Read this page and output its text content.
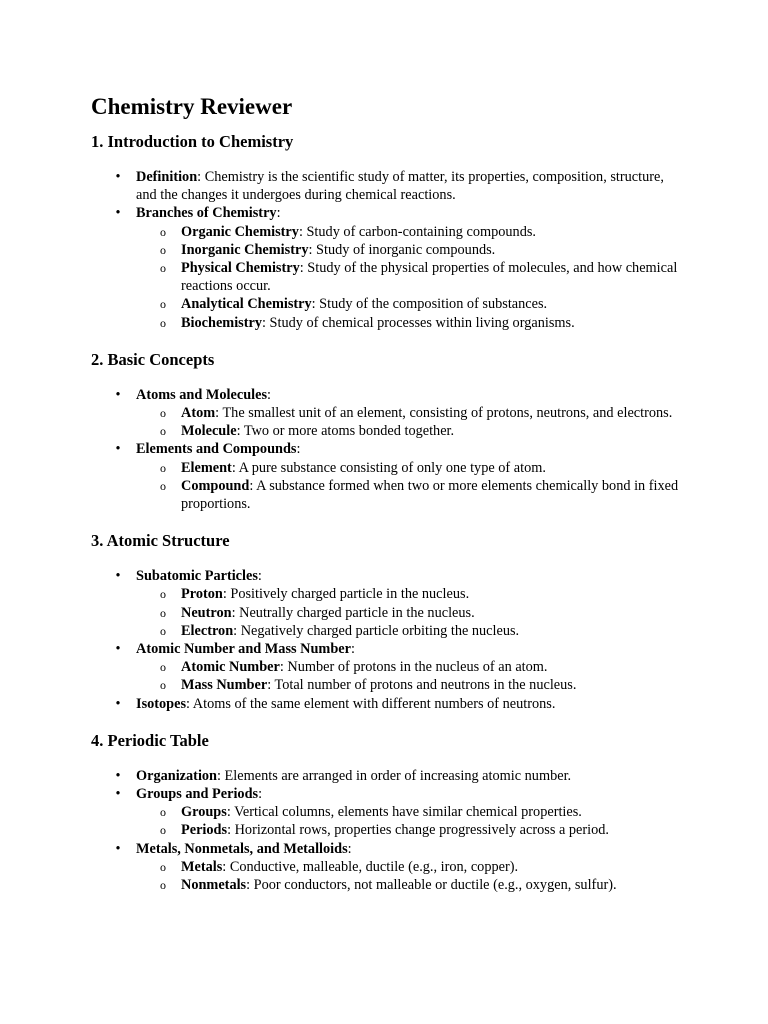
Chemistry Reviewer
1. Introduction to Chemistry
• Definition: Chemistry is the scientific study of matter, its properties, composition, structure, and the changes it undergoes during chemical reactions.
• Branches of Chemistry:
o Organic Chemistry: Study of carbon-containing compounds.
o Inorganic Chemistry: Study of inorganic compounds.
o Physical Chemistry: Study of the physical properties of molecules, and how chemical reactions occur.
o Analytical Chemistry: Study of the composition of substances.
o Biochemistry: Study of chemical processes within living organisms.
2. Basic Concepts
• Atoms and Molecules:
o Atom: The smallest unit of an element, consisting of protons, neutrons, and electrons.
o Molecule: Two or more atoms bonded together.
• Elements and Compounds:
o Element: A pure substance consisting of only one type of atom.
o Compound: A substance formed when two or more elements chemically bond in fixed proportions.
3. Atomic Structure
• Subatomic Particles:
o Proton: Positively charged particle in the nucleus.
o Neutron: Neutrally charged particle in the nucleus.
o Electron: Negatively charged particle orbiting the nucleus.
• Atomic Number and Mass Number:
o Atomic Number: Number of protons in the nucleus of an atom.
o Mass Number: Total number of protons and neutrons in the nucleus.
• Isotopes: Atoms of the same element with different numbers of neutrons.
4. Periodic Table
• Organization: Elements are arranged in order of increasing atomic number.
• Groups and Periods:
o Groups: Vertical columns, elements have similar chemical properties.
o Periods: Horizontal rows, properties change progressively across a period.
• Metals, Nonmetals, and Metalloids:
o Metals: Conductive, malleable, ductile (e.g., iron, copper).
o Nonmetals: Poor conductors, not malleable or ductile (e.g., oxygen, sulfur).
